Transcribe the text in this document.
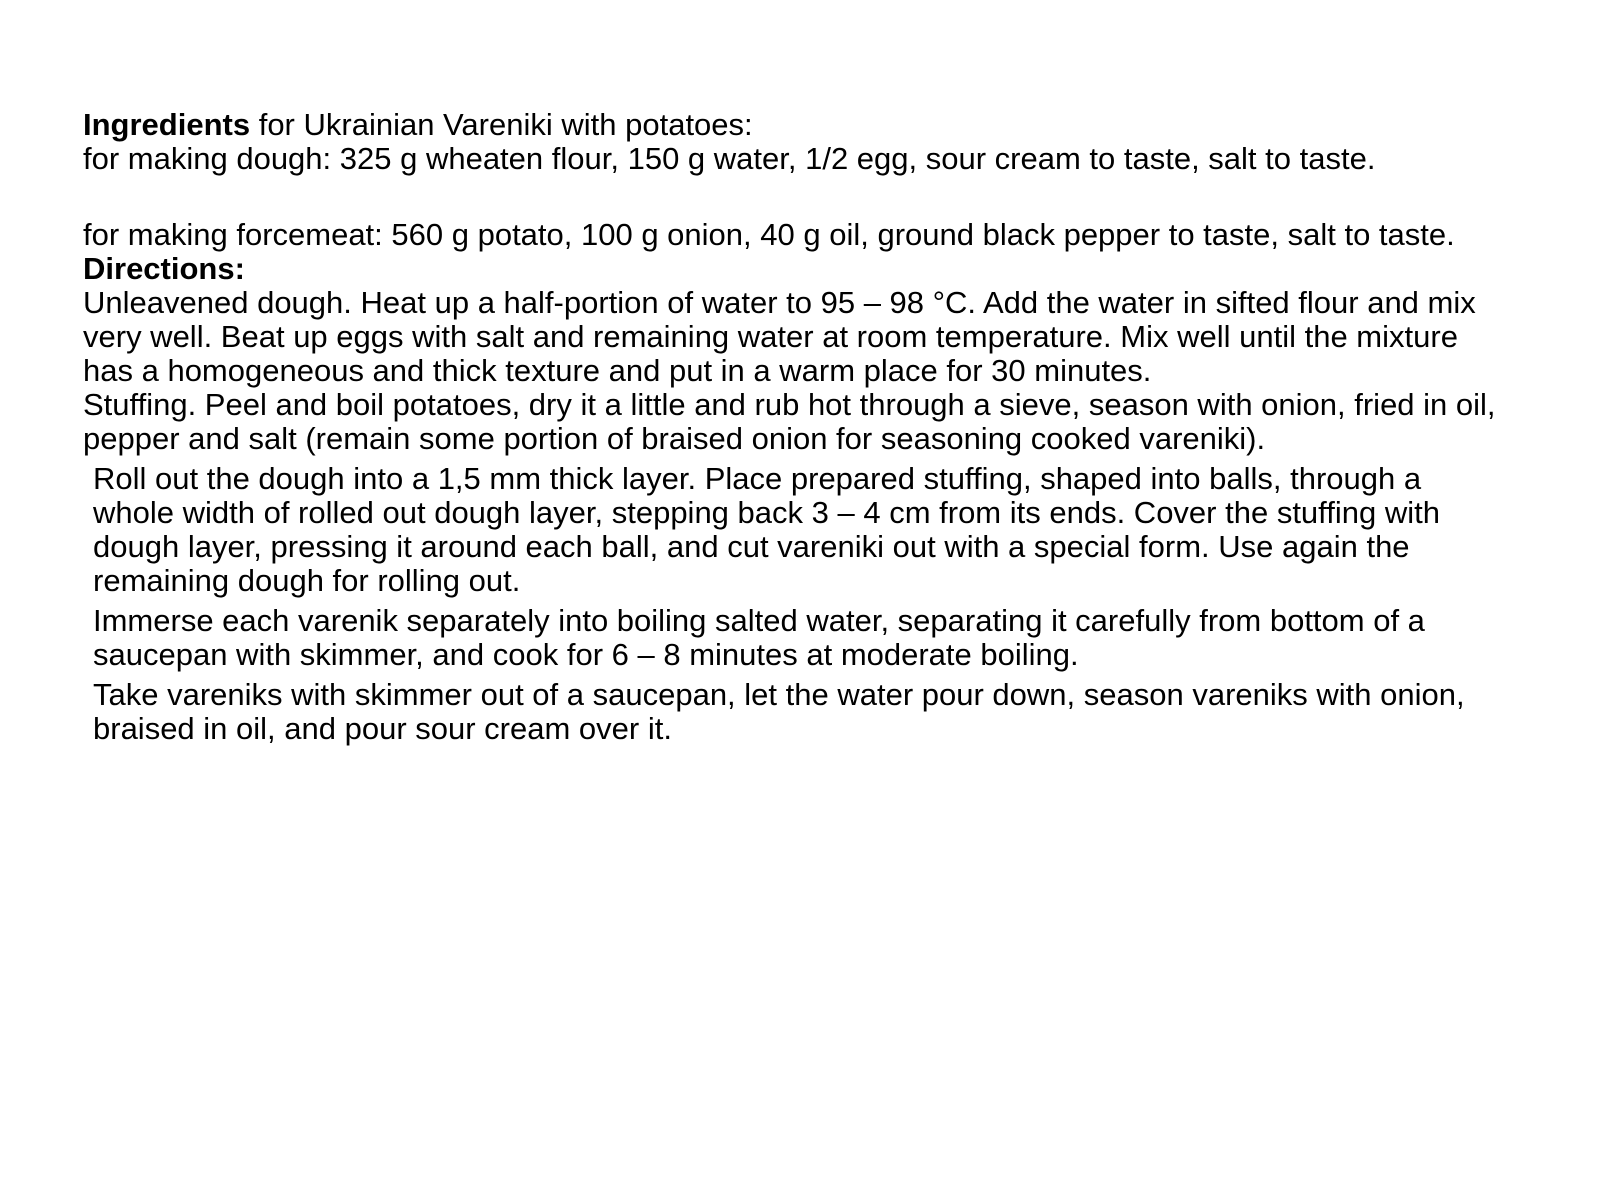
Ingredients for Ukrainian Vareniki with potatoes:

for making dough: 325 g wheaten flour, 150 g water, 1/2 egg, sour cream to taste, salt to taste.

for making forcemeat: 560 g potato, 100 g onion, 40 g oil, ground black pepper to taste, salt to taste.

Directions:

Unleavened dough. Heat up a half-portion of water to 95 – 98 °C. Add the water in sifted flour and mix very well. Beat up eggs with salt and remaining water at room temperature. Mix well until the mixture has a homogeneous and thick texture and put in a warm place for 30 minutes.

Stuffing. Peel and boil potatoes, dry it a little and rub hot through a sieve, season with onion, fried in oil, pepper and salt (remain some portion of braised onion for seasoning cooked vareniki).

Roll out the dough into a 1,5 mm thick layer. Place prepared stuffing, shaped into balls, through a whole width of rolled out dough layer, stepping back 3 – 4 cm from its ends. Cover the stuffing with dough layer, pressing it around each ball, and cut vareniki out with a special form. Use again the remaining dough for rolling out.

Immerse each varenik separately into boiling salted water, separating it carefully from bottom of a saucepan with skimmer, and cook for 6 – 8 minutes at moderate boiling.

Take vareniks with skimmer out of a saucepan, let the water pour down, season vareniks with onion, braised in oil, and pour sour cream over it.
